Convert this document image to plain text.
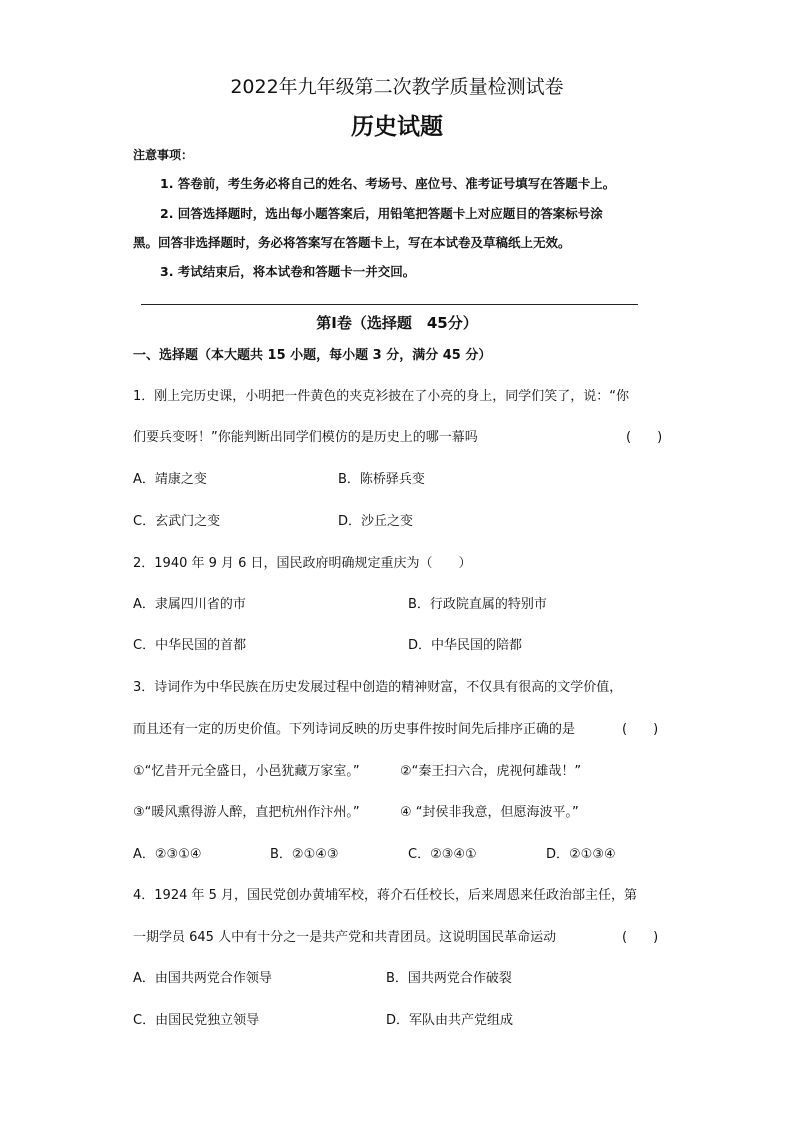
2022年九年级第二次教学质量检测试卷
历史试题
注意事项：
1. 答卷前，考生务必将自己的姓名、考场号、座位号、准考证号填写在答题卡上。
2. 回答选择题时，选出每小题答案后，用铅笔把答题卡上对应题目的答案标号涂
黑。回答非选择题时，务必将答案写在答题卡上，写在本试卷及草稿纸上无效。
3. 考试结束后，将本试卷和答题卡一并交回。
第Ⅰ卷（选择题　45分）
一、选择题（本大题共 15 小题，每小题 3 分，满分 45 分）
1．刚上完历史课，小明把一件黄色的夹克衫披在了小亮的身上，同学们笑了，说：“你
们要兵变呀！”你能判断出同学们模仿的是历史上的哪一幕吗	(　　)
A．靖康之变	B．陈桥驿兵变
C．玄武门之变	D．沙丘之变
2．1940 年 9 月 6 日，国民政府明确规定重庆为（　　）
A．隶属四川省的市	B．行政院直属的特别市
C．中华民国的首都	D．中华民国的陪都
3．诗词作为中华民族在历史发展过程中创造的精神财富，不仅具有很高的文学价值，
而且还有一定的历史价值。下列诗词反映的历史事件按时间先后排序正确的是	(　　)
①“忆昔开元全盛日，小邑犹藏万家室。”	②“秦王扫六合，虎视何雄哉！”
③“暖风熏得游人醉，直把杭州作汴州。”	④ “封侯非我意，但愿海波平。”
A．②③①④	B．②①④③	C．②③④①	D．②①③④
4．1924 年 5 月，国民党创办黄埔军校，蒋介石任校长，后来周恩来任政治部主任，第
一期学员 645 人中有十分之一是共产党和共青团员。这说明国民革命运动	(　　)
A．由国共两党合作领导	B．国共两党合作破裂
C．由国民党独立领导	D．军队由共产党组成
